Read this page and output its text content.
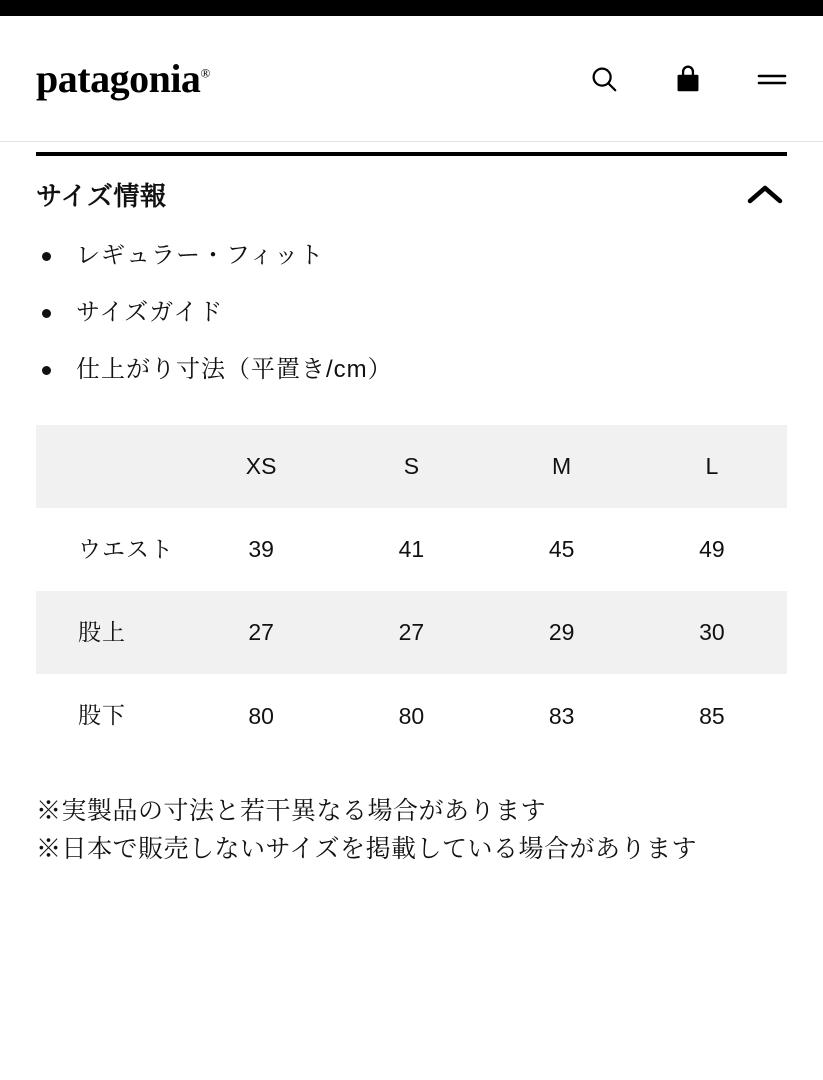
patagonia®
サイズ情報
レギュラー・フィット
サイズガイド
仕上がり寸法（平置き/cm）
	XS	S	M	L
ウエスト	39	41	45	49
股上	27	27	29	30
股下	80	80	83	85

※実製品の寸法と若干異なる場合があります

※日本で販売しないサイズを掲載している場合があります
